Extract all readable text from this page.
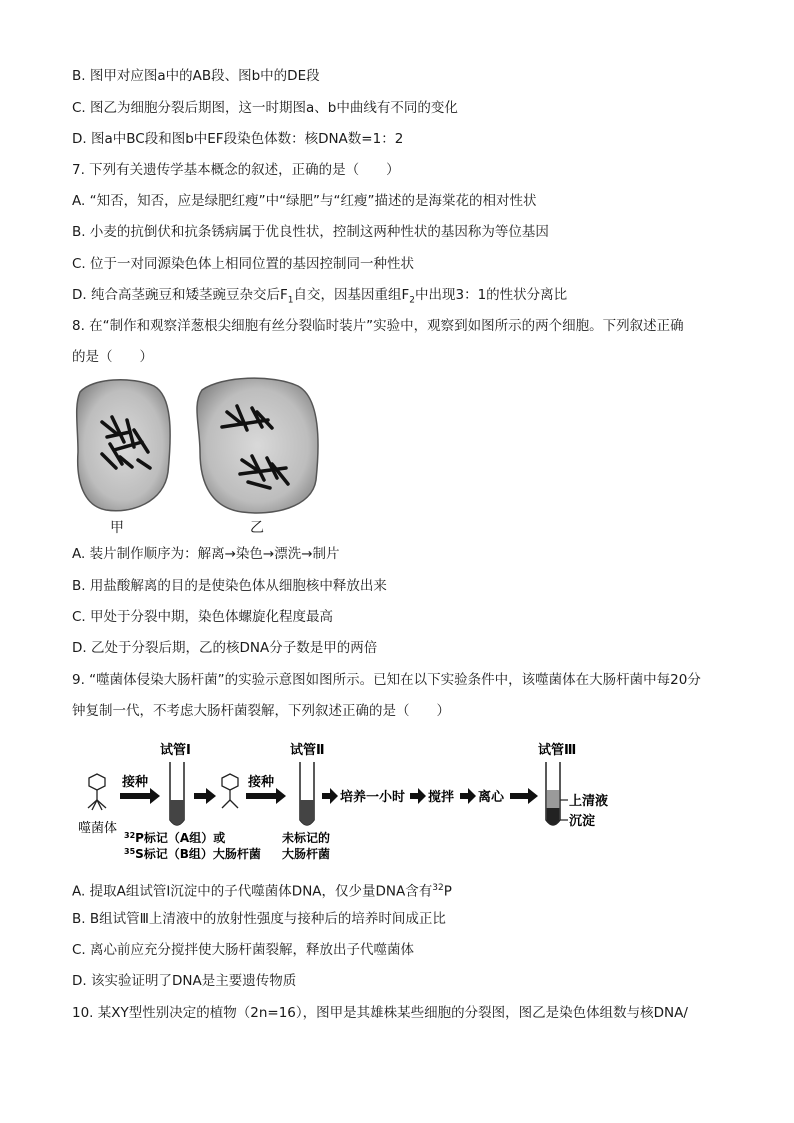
B. 图甲对应图a中的AB段、图b中的DE段
C. 图乙为细胞分裂后期图，这一时期图a、b中曲线有不同的变化
D. 图a中BC段和图b中EF段染色体数：核DNA数=1：2
7. 下列有关遗传学基本概念的叙述，正确的是（　　）
A. “知否，知否，应是绿肥红瘦”中“绿肥”与“红瘦”描述的是海棠花的相对性状
B. 小麦的抗倒伏和抗条锈病属于优良性状，控制这两种性状的基因称为等位基因
C. 位于一对同源染色体上相同位置的基因控制同一种性状
D. 纯合高茎豌豆和矮茎豌豆杂交后$F_1$自交，因基因重组$F_2$中出现3：1的性状分离比
8. 在“制作和观察洋葱根尖细胞有丝分裂临时装片”实验中，观察到如图所示的两个细胞。下列叙述正确
的是（　　）
甲	乙
A. 装片制作顺序为：解离→染色→漂洗→制片
B. 用盐酸解离的目的是使染色体从细胞核中释放出来
C. 甲处于分裂中期，染色体螺旋化程度最高
D. 乙处于分裂后期，乙的核DNA分子数是甲的两倍
9. “噬菌体侵染大肠杆菌”的实验示意图如图所示。已知在以下实验条件中，该噬菌体在大肠杆菌中每20分
钟复制一代，不考虑大肠杆菌裂解，下列叙述正确的是（　　）
噬菌体
接种
试管Ⅰ
接种
试管Ⅱ
培养一小时 搅拌 离心
试管Ⅲ
上清液
沉淀
$^{32}$P标记（A组）或
$^{35}$S标记（B组）大肠杆菌
未标记的
大肠杆菌
A. 提取A组试管Ⅰ沉淀中的子代噬菌体DNA，仅少量DNA含有$^{32}$P
B. B组试管Ⅲ上清液中的放射性强度与接种后的培养时间成正比
C. 离心前应充分搅拌使大肠杆菌裂解，释放出子代噬菌体
D. 该实验证明了DNA是主要遗传物质
10. 某XY型性别决定的植物（2n=16），图甲是其雄株某些细胞的分裂图，图乙是染色体组数与核DNA/
